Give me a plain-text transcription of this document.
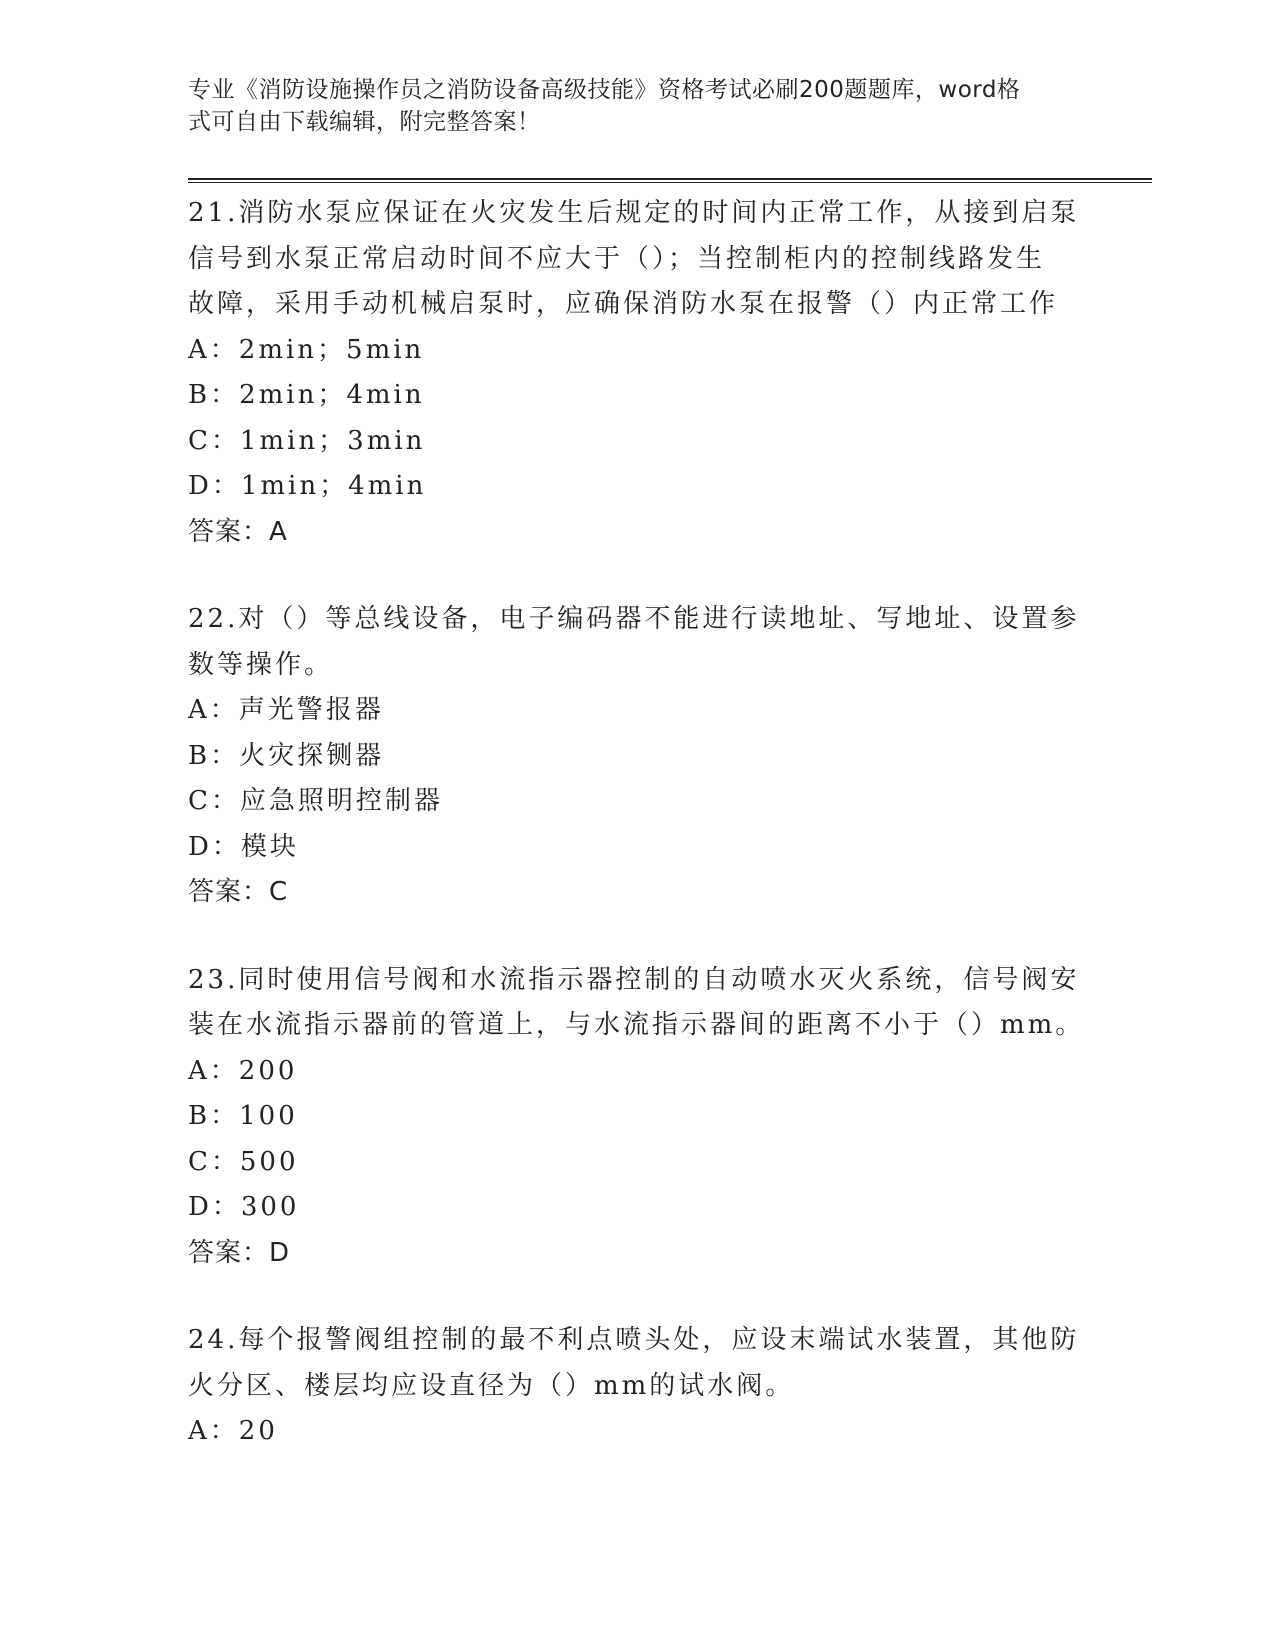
专业《消防设施操作员之消防设备高级技能》资格考试必刷200题题库，word格
式可自由下载编辑，附完整答案！
21.消防水泵应保证在火灾发生后规定的时间内正常工作，从接到启泵
信号到水泵正常启动时间不应大于（）；当控制柜内的控制线路发生
故障，采用手动机械启泵时，应确保消防水泵在报警（）内正常工作
A：2min；5min
B：2min；4min
C：1min；3min
D：1min；4min
答案：A
22.对（）等总线设备，电子编码器不能进行读地址、写地址、设置参
数等操作。
A：声光警报器
B：火灾探铡器
C：应急照明控制器
D：模块
答案：C
23.同时使用信号阀和水流指示器控制的自动喷水灭火系统，信号阀安
装在水流指示器前的管道上，与水流指示器间的距离不小于（）mm。
A：200
B：100
C：500
D：300
答案：D
24.每个报警阀组控制的最不利点喷头处，应设末端试水装置，其他防
火分区、楼层均应设直径为（）mm的试水阀。
A：20
